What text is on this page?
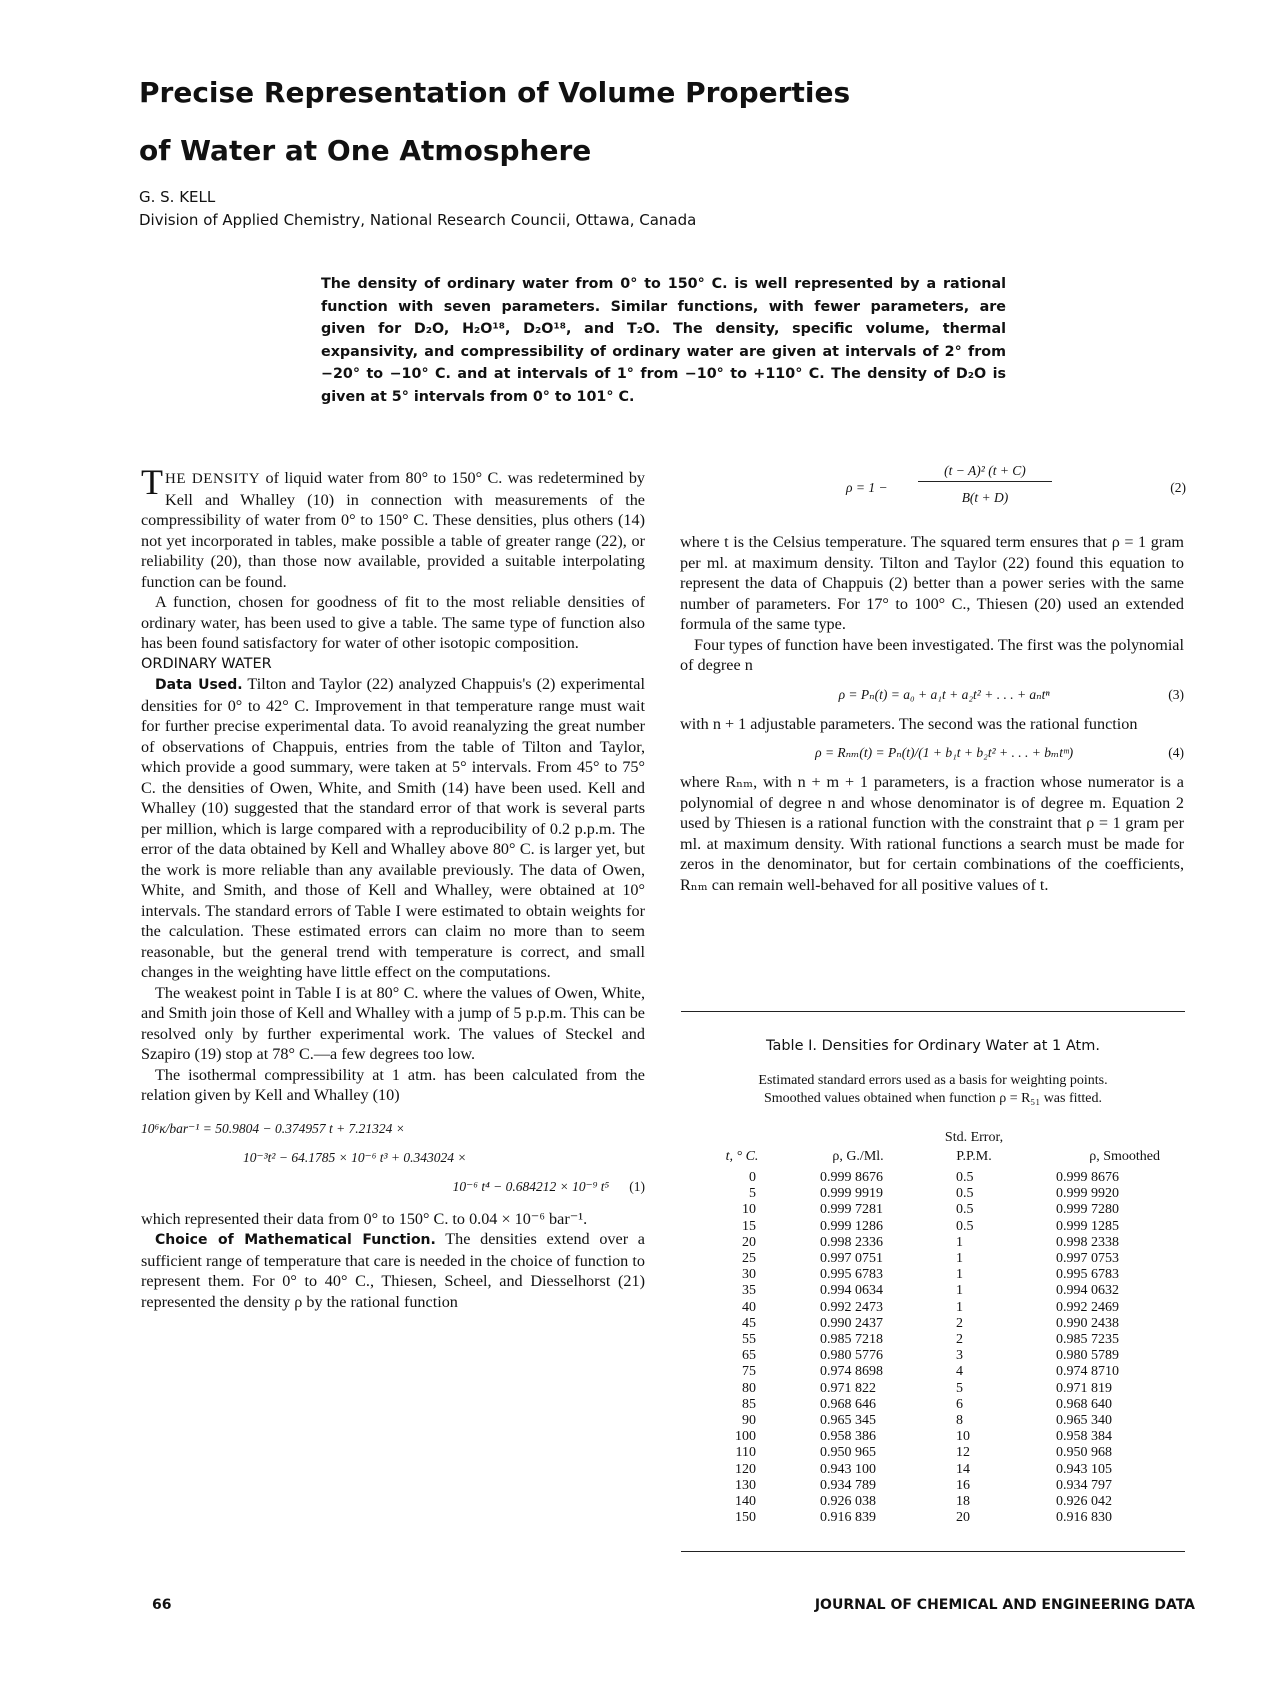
Precise Representation of Volume Properties
of Water at One Atmosphere
G. S. KELL
Division of Applied Chemistry, National Research Councii, Ottawa, Canada

The density of ordinary water from 0° to 150° C. is well represented by a rational function with seven parameters. Similar functions, with fewer parameters, are given for D₂O, H₂O¹⁸, D₂O¹⁸, and T₂O. The density, specific volume, thermal expansivity, and compressibility of ordinary water are given at intervals of 2° from −20° to −10° C. and at intervals of 1° from −10° to +110° C. The density of D₂O is given at 5° intervals from 0° to 101° C.

THE DENSITY of liquid water from 80° to 150° C. was redetermined by Kell and Whalley (10) in connection with measurements of the compressibility of water from 0° to 150° C. These densities, plus others (14) not yet incorporated in tables, make possible a table of greater range (22), or reliability (20), than those now available, provided a suitable interpolating function can be found.

A function, chosen for goodness of fit to the most reliable densities of ordinary water, has been used to give a table. The same type of function also has been found satisfactory for water of other isotopic composition.

ORDINARY WATER

Data Used. Tilton and Taylor (22) analyzed Chappuis's (2) experimental densities for 0° to 42° C. Improvement in that temperature range must wait for further precise experimental data. To avoid reanalyzing the great number of observations of Chappuis, entries from the table of Tilton and Taylor, which provide a good summary, were taken at 5° intervals. From 45° to 75° C. the densities of Owen, White, and Smith (14) have been used. Kell and Whalley (10) suggested that the standard error of that work is several parts per million, which is large compared with a reproducibility of 0.2 p.p.m. The error of the data obtained by Kell and Whalley above 80° C. is larger yet, but the work is more reliable than any available previously. The data of Owen, White, and Smith, and those of Kell and Whalley, were obtained at 10° intervals. The standard errors of Table I were estimated to obtain weights for the calculation. These estimated errors can claim no more than to seem reasonable, but the general trend with temperature is correct, and small changes in the weighting have little effect on the computations.

The weakest point in Table I is at 80° C. where the values of Owen, White, and Smith join those of Kell and Whalley with a jump of 5 p.p.m. This can be resolved only by further experimental work. The values of Steckel and Szapiro (19) stop at 78° C.—a few degrees too low.

The isothermal compressibility at 1 atm. has been calculated from the relation given by Kell and Whalley (10)

10⁶κ/bar⁻¹ = 50.9804 − 0.374957 t + 7.21324 ×
10⁻³t² − 64.1785 × 10⁻⁶ t³ + 0.343024 ×
10⁻⁶ t⁴ − 0.684212 × 10⁻⁹ t⁵ (1)

which represented their data from 0° to 150° C. to 0.04 × 10⁻⁶ bar⁻¹.

Choice of Mathematical Function. The densities extend over a sufficient range of temperature that care is needed in the choice of function to represent them. For 0° to 40° C., Thiesen, Scheel, and Diesselhorst (21) represented the density ρ by the rational function

ρ = 1 −
(t − A)² (t + C)
B(t + D)
(2)

where t is the Celsius temperature. The squared term ensures that ρ = 1 gram per ml. at maximum density. Tilton and Taylor (22) found this equation to represent the data of Chappuis (2) better than a power series with the same number of parameters. For 17° to 100° C., Thiesen (20) used an extended formula of the same type.

Four types of function have been investigated. The first was the polynomial of degree n

ρ = Pₙ(t) = a₀ + a₁t + a₂t² + . . . + aₙtⁿ	(3)

with n + 1 adjustable parameters. The second was the rational function

ρ = Rₙₘ(t) = Pₙ(t)/(1 + b₁t + b₂t² + . . . + bₘtᵐ)	(4)

where Rₙₘ, with n + m + 1 parameters, is a fraction whose numerator is a polynomial of degree n and whose denominator is of degree m. Equation 2 used by Thiesen is a rational function with the constraint that ρ = 1 gram per ml. at maximum density. With rational functions a search must be made for zeros in the denominator, but for certain combinations of the coefficients, Rₙₘ can remain well-behaved for all positive values of t.

Table I. Densities for Ordinary Water at 1 Atm.
Estimated standard errors used as a basis for weighting points.
Smoothed values obtained when function ρ = R₅₁ was fitted.
t, ° C.	ρ, G./Ml.	Std. Error, P.P.M.	ρ, Smoothed
0	0.999 8676	0.5	0.999 8676
5	0.999 9919	0.5	0.999 9920
10	0.999 7281	0.5	0.999 7280
15	0.999 1286	0.5	0.999 1285
20	0.998 2336	1	0.998 2338
25	0.997 0751	1	0.997 0753
30	0.995 6783	1	0.995 6783
35	0.994 0634	1	0.994 0632
40	0.992 2473	1	0.992 2469
45	0.990 2437	2	0.990 2438
55	0.985 7218	2	0.985 7235
65	0.980 5776	3	0.980 5789
75	0.974 8698	4	0.974 8710
80	0.971 822	5	0.971 819
85	0.968 646	6	0.968 640
90	0.965 345	8	0.965 340
100	0.958 386	10	0.958 384
110	0.950 965	12	0.950 968
120	0.943 100	14	0.943 105
130	0.934 789	16	0.934 797
140	0.926 038	18	0.926 042
150	0.916 839	20	0.916 830
66	JOURNAL OF CHEMICAL AND ENGINEERING DATA
